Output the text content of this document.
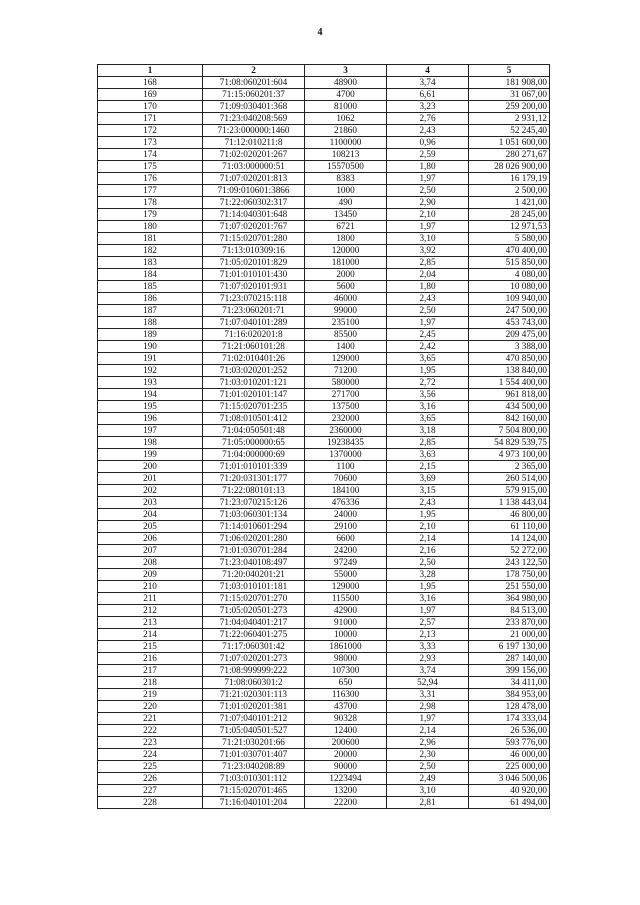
4
1	2	3	4	5
168	71:08:060201:604	48900	3,74	181 908,00
169	71:15:060201:37	4700	6,61	31 067,00
170	71:09:030401:368	81000	3,23	259 200,00
171	71:23:040208:569	1062	2,76	2 931,12
172	71:23:000000:1460	21860	2,43	52 245,40
173	71:12:010211:8	1100000	0,96	1 051 600,00
174	71:02:020201:267	108213	2,59	280 271,67
175	71:03:000000:51	15570500	1,80	28 026 900,00
176	71:07:020201:813	8383	1,97	16 179,19
177	71:09:010601:3866	1000	2,50	2 500,00
178	71:22:060302:317	490	2,90	1 421,00
179	71:14:040301:648	13450	2,10	28 245,00
180	71:07:020201:767	6721	1,97	12 971,53
181	71:15:020701:280	1800	3,10	5 580,00
182	71:13:010309:16	120000	3,92	470 400,00
183	71:05:020101:829	181000	2,85	515 850,00
184	71:01:010101:430	2000	2,04	4 080,00
185	71:07:020101:931	5600	1,80	10 080,00
186	71:23:070215:118	46000	2,43	109 940,00
187	71:23:060201:71	99000	2,50	247 500,00
188	71:07:040101:289	235100	1,97	453 743,00
189	71:16:020201:8	85500	2,45	209 475,00
190	71:21:060101:28	1400	2,42	3 388,00
191	71:02:010401:26	129000	3,65	470 850,00
192	71:03:020201:252	71200	1,95	138 840,00
193	71:03:010201:121	580000	2,72	1 554 400,00
194	71:01:020101:147	271700	3,56	961 818,00
195	71:15:020701:235	137500	3,16	434 500,00
196	71:08:010501:412	232000	3,65	842 160,00
197	71:04:050501:48	2360000	3,18	7 504 800,00
198	71:05:000000:65	19238435	2,85	54 829 539,75
199	71:04:000000:69	1370000	3,63	4 973 100,00
200	71:01:010101:339	1100	2,15	2 365,00
201	71:20:031301:177	70600	3,69	260 514,00
202	71:22:080101:13	184100	3,15	579 915,00
203	71:23:070215:126	476336	2,43	1 138 443,04
204	71:03:060301:134	24000	1,95	46 800,00
205	71:14:010601:294	29100	2,10	61 110,00
206	71:06:020201:280	6600	2,14	14 124,00
207	71:01:030701:284	24200	2,16	52 272,00
208	71:23:040108:497	97249	2,50	243 122,50
209	71:20:040201:21	55000	3,28	178 750,00
210	71:03:010101:181	129000	1,95	251 550,00
211	71:15:020701:270	115500	3,16	364 980,00
212	71:05:020501:273	42900	1,97	84 513,00
213	71:04:040401:217	91000	2,57	233 870,00
214	71:22:060401:275	10000	2,13	21 000,00
215	71:17:060301:42	1861000	3,33	6 197 130,00
216	71:07:020201:273	98000	2,93	287 140,00
217	71:08:999999:222	107300	3,74	399 156,00
218	71:08:060301:2	650	52,94	34 411,00
219	71:21:020301:113	116300	3,31	384 953,00
220	71:01:020201:381	43700	2,98	128 478,00
221	71:07:040101:212	90328	1,97	174 333,04
222	71:05:040501:527	12400	2,14	26 536,00
223	71:21:030201:66	200600	2,96	593 776,00
224	71:01:030701:407	20000	2,30	46 000,00
225	71:23:040208:89	90000	2,50	225 000,00
226	71:03:010301:112	1223494	2,49	3 046 500,06
227	71:15:020701:465	13200	3,10	40 920,00
228	71:16:040101:204	22200	2,81	61 494,00
